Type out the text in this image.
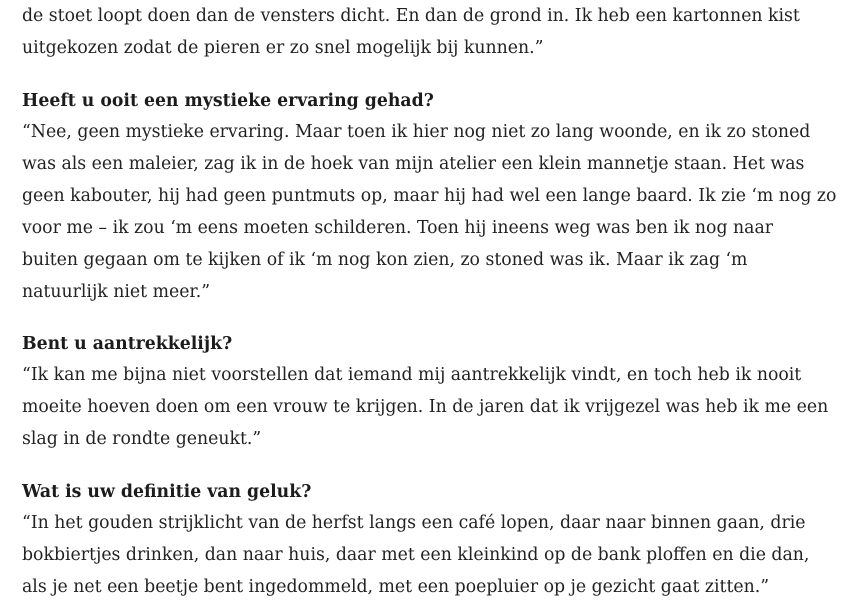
de stoet loopt doen dan de vensters dicht. En dan de grond in. Ik heb een kartonnen kist
uitgekozen zodat de pieren er zo snel mogelijk bij kunnen.”
Heeft u ooit een mystieke ervaring gehad?
“Nee, geen mystieke ervaring. Maar toen ik hier nog niet zo lang woonde, en ik zo stoned
was als een maleier, zag ik in de hoek van mijn atelier een klein mannetje staan. Het was
geen kabouter, hij had geen puntmuts op, maar hij had wel een lange baard. Ik zie ‘m nog zo
voor me – ik zou ‘m eens moeten schilderen. Toen hij ineens weg was ben ik nog naar
buiten gegaan om te kijken of ik ‘m nog kon zien, zo stoned was ik. Maar ik zag ‘m
natuurlijk niet meer.”
Bent u aantrekkelijk?
“Ik kan me bijna niet voorstellen dat iemand mij aantrekkelijk vindt, en toch heb ik nooit
moeite hoeven doen om een vrouw te krijgen. In de jaren dat ik vrijgezel was heb ik me een
slag in de rondte geneukt.”
Wat is uw definitie van geluk?
“In het gouden strijklicht van de herfst langs een café lopen, daar naar binnen gaan, drie
bokbiertjes drinken, dan naar huis, daar met een kleinkind op de bank ploffen en die dan,
als je net een beetje bent ingedommeld, met een poepluier op je gezicht gaat zitten.”
